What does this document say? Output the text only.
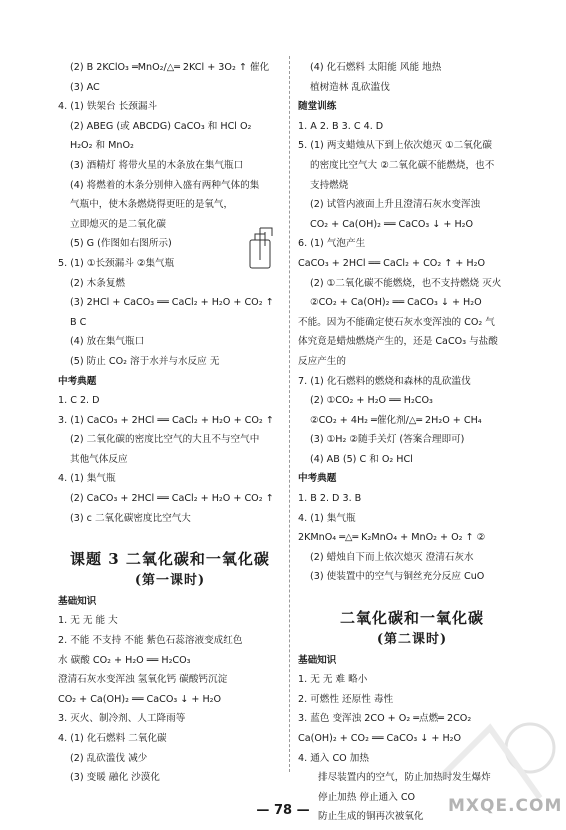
(2) B 2KClO₃ ═MnO₂/△═ 2KCl + 3O₂ ↑ 催化
(3) AC
4. (1) 铁架台 长颈漏斗
(2) ABEG (或 ABCDG) CaCO₃ 和 HCl O₂
H₂O₂ 和 MnO₂
(3) 酒精灯 将带火星的木条放在集气瓶口
(4) 将燃着的木条分别伸入盛有两种气体的集
气瓶中，使木条燃烧得更旺的是氧气，
立即熄灭的是二氧化碳
(5) G (作图如右图所示)
5. (1) ①长颈漏斗 ②集气瓶
(2) 木条复燃
(3) 2HCl + CaCO₃ ══ CaCl₂ + H₂O + CO₂ ↑
B C
(4) 放在集气瓶口
(5) 防止 CO₂ 溶于水并与水反应 无
中考典题
1. C 2. D
3. (1) CaCO₃ + 2HCl ══ CaCl₂ + H₂O + CO₂ ↑
(2) 二氧化碳的密度比空气的大且不与空气中
其他气体反应
4. (1) 集气瓶
(2) CaCO₃ + 2HCl ══ CaCl₂ + H₂O + CO₂ ↑
(3) c 二氧化碳密度比空气大

课题 3 二氧化碳和一氧化碳
(第一课时)
基础知识
1. 无 无 能 大
2. 不能 不支持 不能 紫色石蕊溶液变成红色
水 碳酸 CO₂ + H₂O ══ H₂CO₃
澄清石灰水变浑浊 氢氧化钙 碳酸钙沉淀
CO₂ + Ca(OH)₂ ══ CaCO₃ ↓ + H₂O
3. 灭火、制冷剂、人工降雨等
4. (1) 化石燃料 二氧化碳
(2) 乱砍滥伐 减少
(3) 变暖 融化 沙漠化
(4) 化石燃料 太阳能 风能 地热
植树造林 乱砍滥伐
随堂训练
1. A 2. B 3. C 4. D
5. (1) 两支蜡烛从下到上依次熄灭 ①二氧化碳
的密度比空气大 ②二氧化碳不能燃烧，也不
支持燃烧
(2) 试管内液面上升且澄清石灰水变浑浊
CO₂ + Ca(OH)₂ ══ CaCO₃ ↓ + H₂O
6. (1) 气泡产生
CaCO₃ + 2HCl ══ CaCl₂ + CO₂ ↑ + H₂O
(2) ①二氧化碳不能燃烧，也不支持燃烧 灭火
②CO₂ + Ca(OH)₂ ══ CaCO₃ ↓ + H₂O
不能。因为不能确定使石灰水变浑浊的 CO₂ 气
体究竟是蜡烛燃烧产生的，还是 CaCO₃ 与盐酸
反应产生的
7. (1) 化石燃料的燃烧和森林的乱砍滥伐
(2) ①CO₂ + H₂O ══ H₂CO₃
②CO₂ + 4H₂ ═催化剂/△═ 2H₂O + CH₄
(3) ①H₂ ②随手关灯 (答案合理即可)
(4) AB (5) C 和 O₂ HCl
中考典题
1. B 2. D 3. B
4. (1) 集气瓶
2KMnO₄ ═△═ K₂MnO₄ + MnO₂ + O₂ ↑ ②
(2) 蜡烛自下而上依次熄灭 澄清石灰水
(3) 使装置中的空气与铜丝充分反应 CuO

二氧化碳和一氧化碳
(第二课时)
基础知识
1. 无 无 难 略小
2. 可燃性 还原性 毒性
3. 蓝色 变浑浊 2CO + O₂ ═点燃═ 2CO₂
Ca(OH)₂ + CO₂ ══ CaCO₃ ↓ + H₂O
4. 通入 CO 加热
排尽装置内的空气，防止加热时发生爆炸
停止加热 停止通入 CO
防止生成的铜再次被氧化
— 78 —	MXQE.COM
